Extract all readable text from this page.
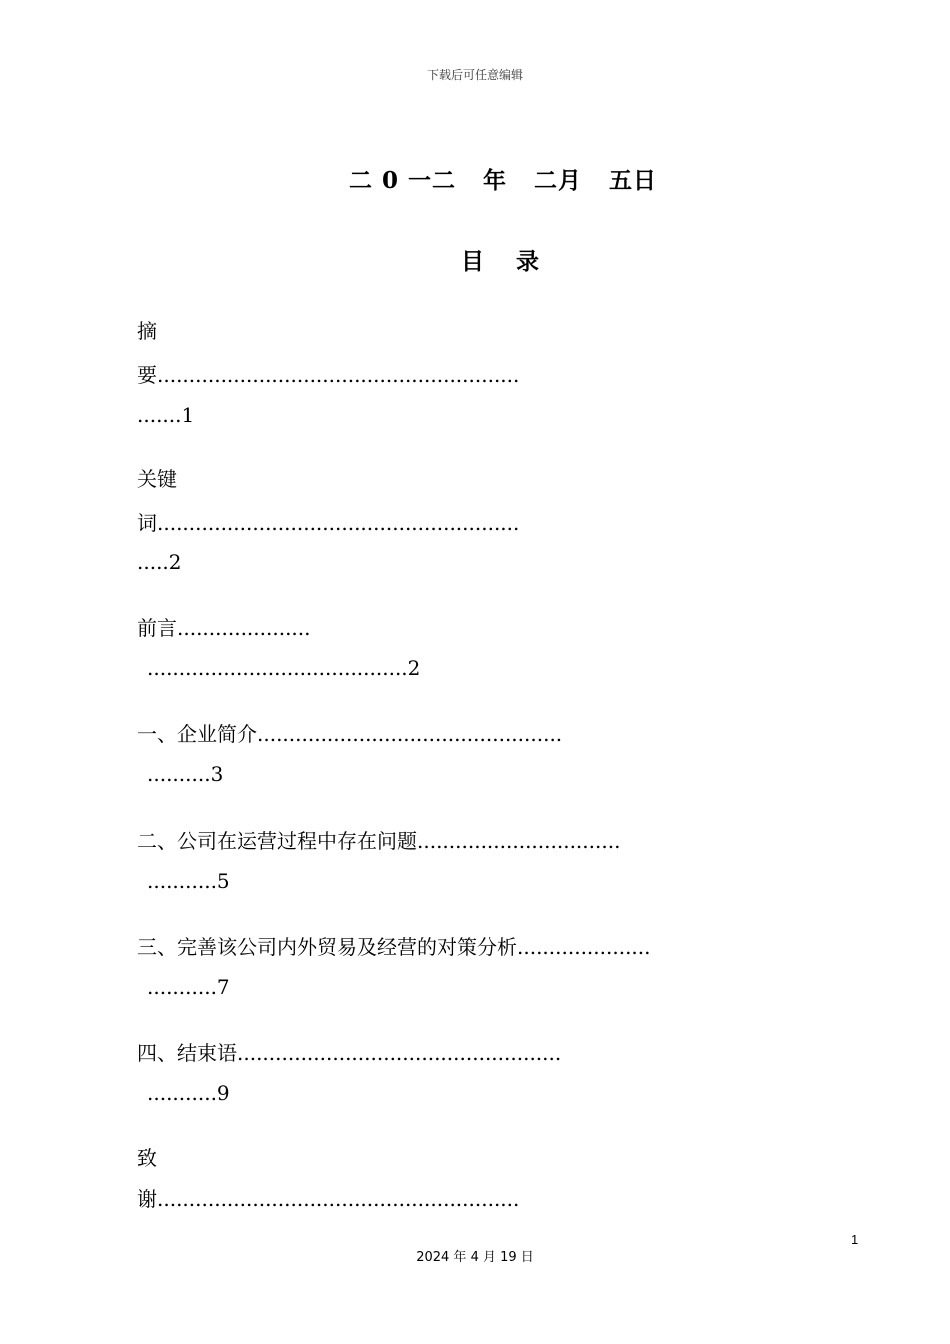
下载后可任意编辑
二 0 一二   年   二月   五日
目    录
摘
要.........................................................
.......1
关键
词.........................................................
.....2
前言.....................
.........................................2
一、企业简介................................................
..........3
二、公司在运营过程中存在问题................................
...........5
三、完善该公司内外贸易及经营的对策分析.....................
...........7
四、结束语...................................................
...........9
致
谢.........................................................
1
2024 年 4 月 19 日
